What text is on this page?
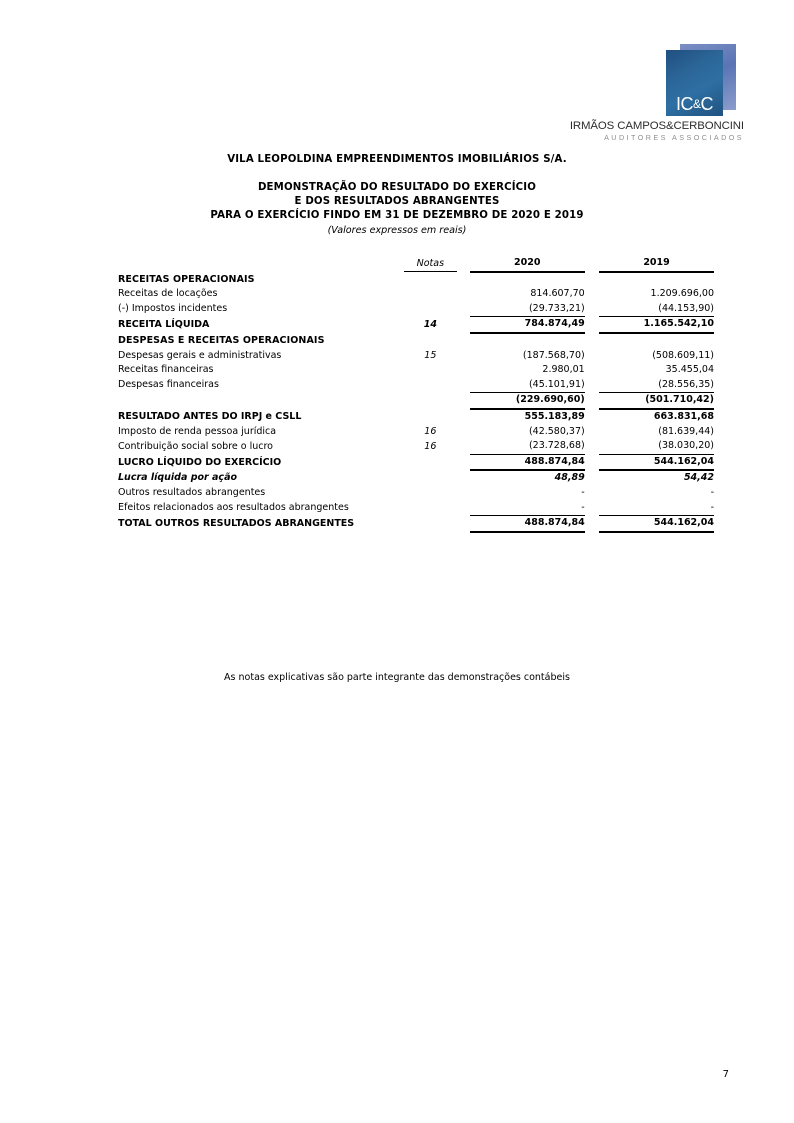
IC&C
IRMÃOS CAMPOS&CERBONCINI
AUDITORES ASSOCIADOS
VILA LEOPOLDINA EMPREENDIMENTOS IMOBILIÁRIOS S/A.
DEMONSTRAÇÃO DO RESULTADO DO EXERCÍCIO
E DOS RESULTADOS ABRANGENTES
PARA O EXERCÍCIO FINDO EM 31 DE DEZEMBRO DE 2020 E 2019
(Valores expressos em reais)
	Notas		2020		2019

RECEITAS OPERACIONAIS					
Receitas de locações			814.607,70		1.209.696,00
(-) Impostos incidentes			(29.733,21)		(44.153,90)
RECEITA LÍQUIDA	14		784.874,49		1.165.542,10

DESPESAS E RECEITAS OPERACIONAIS					
Despesas gerais e administrativas	15		(187.568,70)		(508.609,11)
Receitas financeiras			2.980,01		35.455,04
Despesas financeiras			(45.101,91)		(28.556,35)
			(229.690,60)		(501.710,42)

RESULTADO ANTES DO IRPJ e CSLL			555.183,89		663.831,68
Imposto de renda pessoa jurídica	16		(42.580,37)		(81.639,44)
Contribuição social sobre o lucro	16		(23.728,68)		(38.030,20)
LUCRO LÍQUIDO DO EXERCÍCIO			488.874,84		544.162,04
Lucra líquida por ação			48,89		54,42

Outros resultados abrangentes			-		-
Efeitos relacionados aos resultados abrangentes			-		-

TOTAL OUTROS RESULTADOS ABRANGENTES			488.874,84		544.162,04
As notas explicativas são parte integrante das demonstrações contábeis
7
